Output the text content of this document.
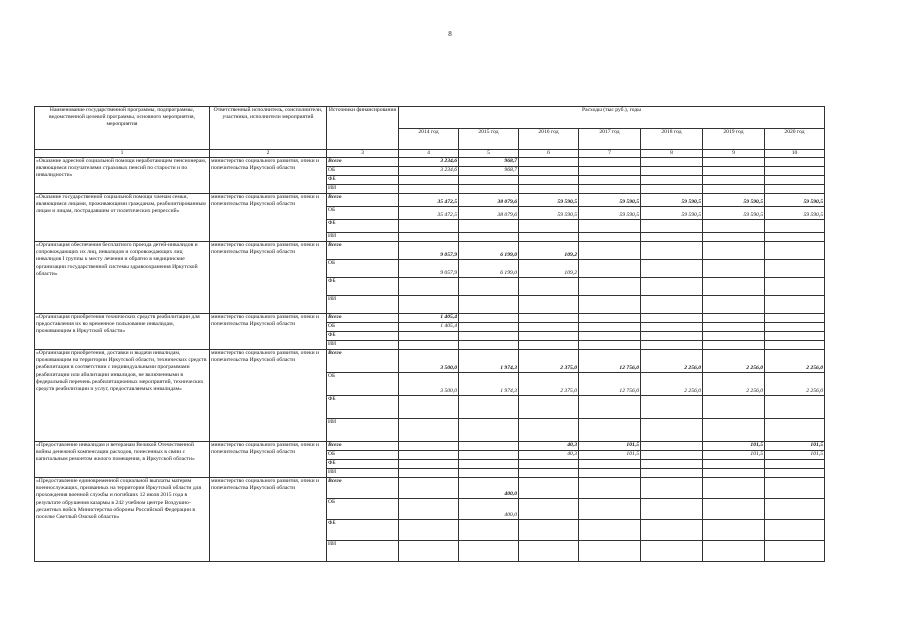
8
Наименование государственной программы, подпрограммы, ведомственной целевой программы, основного мероприятия, мероприятия	Ответственный исполнитель, соисполнители, участники, исполнители мероприятий	Источники финансирования	Расходы (тыс руб.), годы						
			2014 год	2015 год	2016 год	2017 год	2018 год	2019 год	2020 год
1	2	3	4	5	6	7	8	9	10
«Оказание адресной социальной помощи неработающим пенсионерам, являющимся получателями страховых пенсий по старости и по инвалидности»	министерство социального развития, опеки и попечительства Иркутской области	Всего	3 234,6	968,7					
		ОБ	3 234,6	968,7					
		ФБ							
		ИИ							
«Оказание государственной социальной помощи членам семьи, являющимся лицами, проживающими гражданам, реабилитированным лицам и лицам, пострадавшим от политических репрессий»	министерство социального развития, опеки и попечительства Иркутской области	Всего	35 472,5	38 079,6	59 590,5	59 590,5	59 590,5	59 590,5	59 590,5
		ОБ	35 472,5	38 079,6	59 590,5	59 590,5	59 590,5	59 590,5	59 590,5
		ФБ							
		ИИ							
«Организация обеспечения бесплатного проезда детей-инвалидов и сопровождающих их лиц, инвалидов и сопровождающих лиц инвалидов I группы к месту лечения и обратно в медицинские организации государственной системы здравоохранения Иркутской области»	министерство социального развития, опеки и попечительства Иркутской области	Всего	9 057,9	6 199,0	109,2				
		ОБ	9 057,9	6 199,0	109,2				
		ФБ							
		ИИ							
«Организация приобретения технических средств реабилитации для предоставления их во временное пользование инвалидам, проживающим в Иркутской области»	министерство социального развития, опеки и попечительства Иркутской области	Всего	1 405,4						
		ОБ	1 405,4						
		ФБ							
		ИИ							
«Организация приобретения, доставки и выдачи инвалидам, проживающим на территории Иркутской области, технических средств реабилитации в соответствии с индивидуальными программами реабилитации или абилитации инвалидов, не включенными в федеральный перечень реабилитационных мероприятий, технических средств реабилитации и услуг, предоставляемых инвалидам»	министерство социального развития, опеки и попечительства Иркутской области	Всего	3 500,0	1 974,3	2 375,0	12 756,0	2 256,0	2 256,0	2 256,0
		ОБ	3 500,0	1 974,3	2 375,0	12 756,0	2 256,0	2 256,0	2 256,0
		ФБ							
		ИИ							
«Предоставление инвалидам и ветеранам Великой Отечественной войны денежной компенсации расходов, понесенных в связи с капитальным ремонтом жилого помещения, в Иркутской области»	министерство социального развития, опеки и попечительства Иркутской области	Всего			40,3	101,5		101,5	101,5
		ОБ			40,3	101,5		101,5	101,5
		ФБ							
		ИИ							
«Предоставление единовременной социальной выплаты матерям военнослужащих, призванных на территории Иркутской области для прохождения военной службы и погибших 12 июля 2015 года в результате обрушения казармы в 242 учебном центре Воздушно-десантных войск Министерства обороны Российской Федерации в поселке Светлый Омской области»	министерство социального развития, опеки и попечительства Иркутской области	Всего		400,0					
		ОБ		400,0					
		ФБ							
		ИИ							
